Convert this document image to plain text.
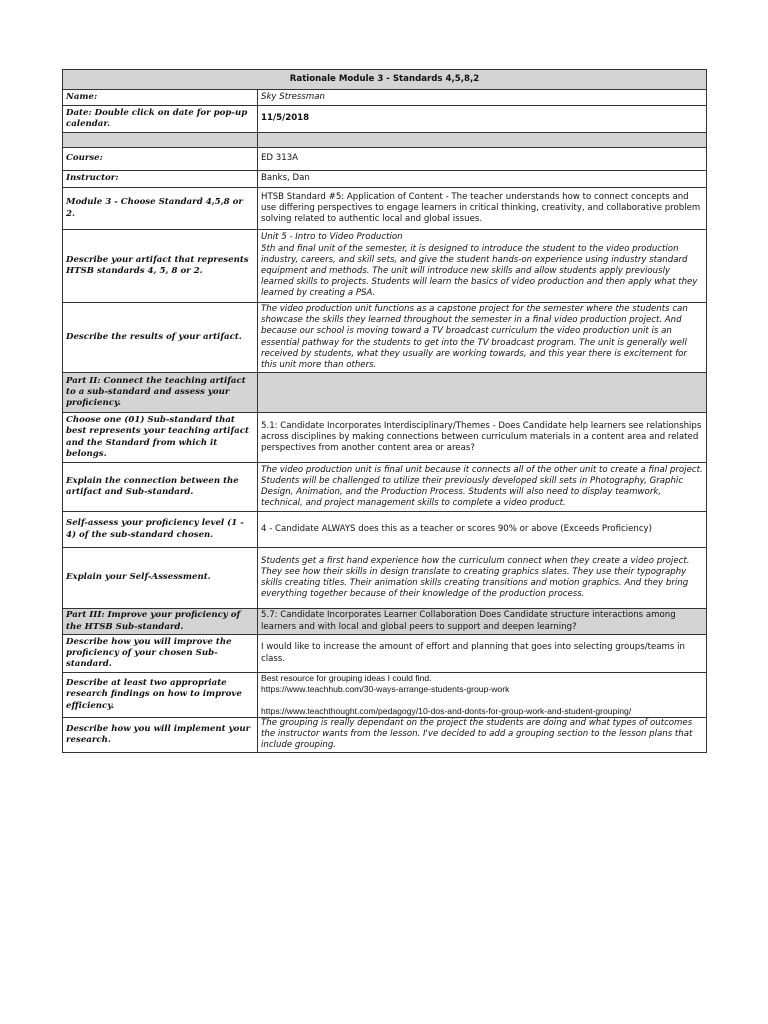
Rationale Module 3 - Standards 4,5,8,2	
Name:	Sky Stressman
Date: Double click on date for pop-up calendar.	11/5/2018

Course:	ED 313A
Instructor:	Banks, Dan
Module 3 - Choose Standard 4,5,8 or 2.	HTSB Standard #5: Application of Content - The teacher understands how to connect concepts and use differing perspectives to engage learners in critical thinking, creativity, and collaborative problem solving related to authentic local and global issues.
Describe your artifact that represents HTSB standards 4, 5, 8 or 2.	Unit 5 - Intro to Video Production
5th and final unit of the semester, it is designed to introduce the student to the video production industry, careers, and skill sets, and give the student hands-on experience using industry standard equipment and methods. The unit will introduce new skills and allow students apply previously learned skills to projects. Students will learn the basics of video production and then apply what they learned by creating a PSA.
Describe the results of your artifact.	The video production unit functions as a capstone project for the semester where the students can showcase the skills they learned throughout the semester in a final video production project. And because our school is moving toward a TV broadcast curriculum the video production unit is an essential pathway for the students to get into the TV broadcast program. The unit is generally well received by students, what they usually are working towards, and this year there is excitement for this unit more than others.
Part II: Connect the teaching artifact to a sub-standard and assess your proficiency.	
Choose one (01) Sub-standard that best represents your teaching artifact and the Standard from which it belongs.	5.1: Candidate Incorporates Interdisciplinary/Themes - Does Candidate help learners see relationships across disciplines by making connections between curriculum materials in a content area and related perspectives from another content area or areas?
Explain the connection between the artifact and Sub-standard.	The video production unit is final unit because it connects all of the other unit to create a final project. Students will be challenged to utilize their previously developed skill sets in Photography, Graphic Design, Animation, and the Production Process. Students will also need to display teamwork, technical, and project management skills to complete a video product.
Self-assess your proficiency level (1 - 4) of the sub-standard chosen.	4 - Candidate ALWAYS does this as a teacher or scores 90% or above (Exceeds Proficiency)
Explain your Self-Assessment.	Students get a first hand experience how the curriculum connect when they create a video project. They see how their skills in design translate to creating graphics slates. They use their typography skills creating titles. Their animation skills creating transitions and motion graphics. And they bring everything together because of their knowledge of the production process.
Part III: Improve your proficiency of the HTSB Sub-standard.	5.7: Candidate Incorporates Learner Collaboration Does Candidate structure interactions among learners and with local and global peers to support and deepen learning?
Describe how you will improve the proficiency of your chosen Sub-standard.	I would like to increase the amount of effort and planning that goes into selecting groups/teams in class.
Describe at least two appropriate research findings on how to improve efficiency.	Best resource for grouping ideas I could find.
https://www.teachhub.com/30-ways-arrange-students-group-work
https://www.teachthought.com/pedagogy/10-dos-and-donts-for-group-work-and-student-grouping/
Describe how you will implement your research.	The grouping is really dependant on the project the students are doing and what types of outcomes the instructor wants from the lesson. I've decided to add a grouping section to the lesson plans that include grouping.
